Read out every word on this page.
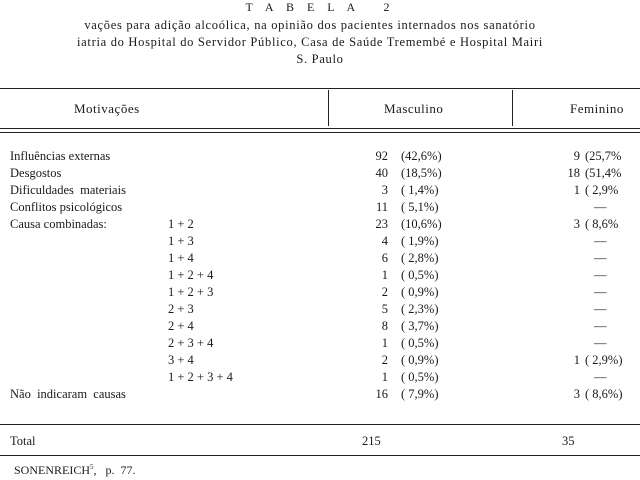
T A B E L A   2
vações para adição alcoólica, na opinião dos pacientes internados nos sanatório
iatria do Hospital do Servidor Público, Casa de Saúde Tremembé e Hospital Mairi
S. Paulo
Motivações	Masculino	Feminino
Influências externas	92 (42,6%)	9 (25,7%
Desgostos	40 (18,5%)	18 (51,4%
Dificuldades  materiais	3 ( 1,4%)	1 ( 2,9%
Conflitos psicológicos	11 ( 5,1%)	—
Causa combinadas:	1 + 2	23 (10,6%)	3 ( 8,6%
1 + 3	4 ( 1,9%)	—
1 + 4	6 ( 2,8%)	—
1 + 2 + 4	1 ( 0,5%)	—
1 + 2 + 3	2 ( 0,9%)	—
2 + 3	5 ( 2,3%)	—
2 + 4	8 ( 3,7%)	—
2 + 3 + 4	1 ( 0,5%)	—
3 + 4	2 ( 0,9%)	1 ( 2,9%)
1 + 2 + 3 + 4	1 ( 0,5%)	—
Não  indicaram  causas	16 ( 7,9%)	3 ( 8,6%)
Total	215	35
SONENREICH$^5$,   p.  77.
